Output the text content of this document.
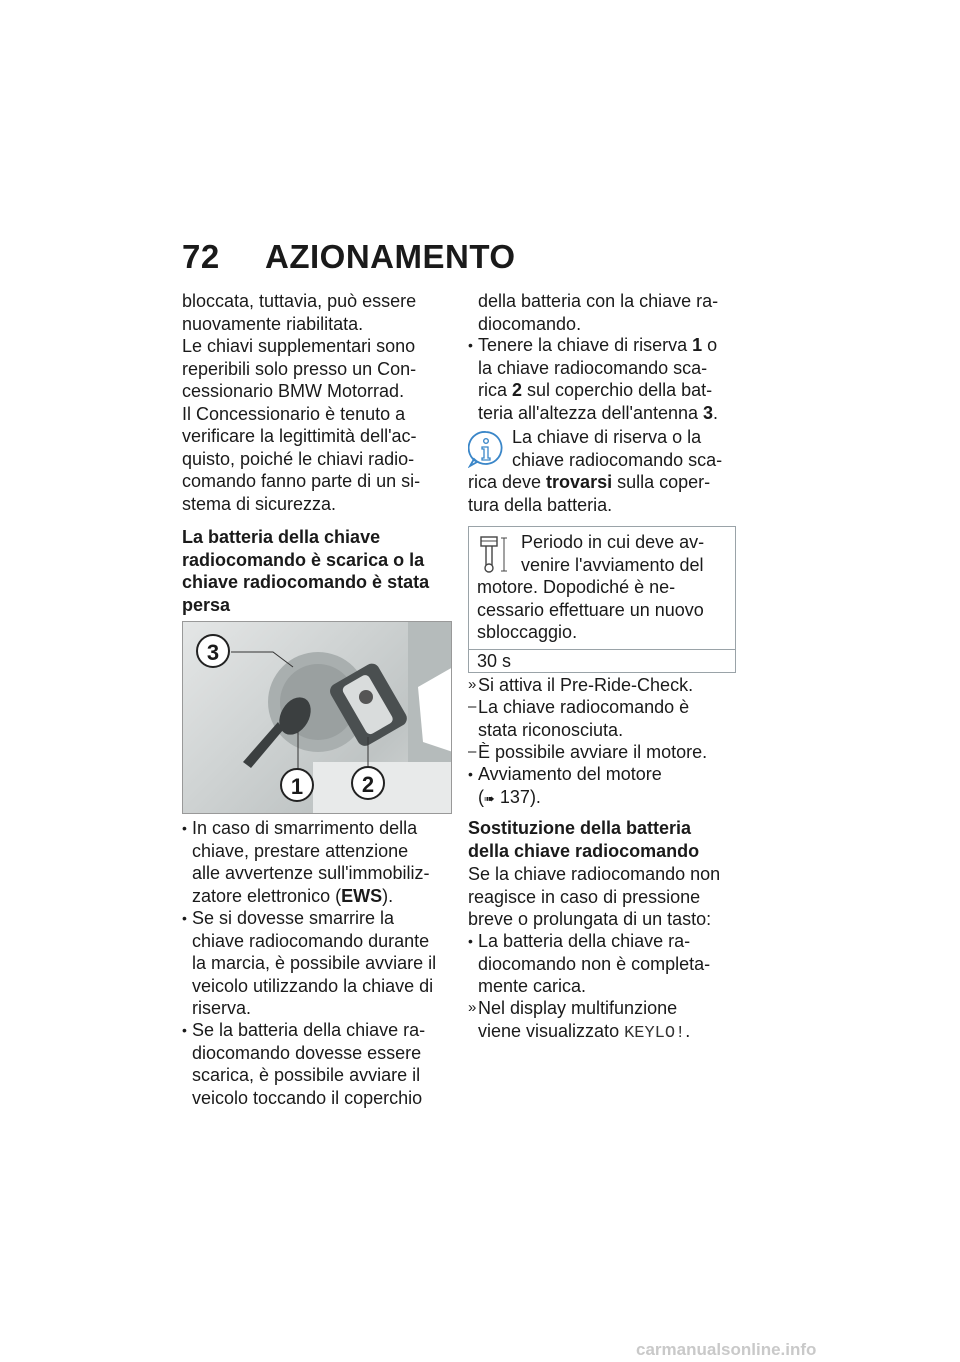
72 AZIONAMENTO
bloccata, tuttavia, può essere
nuovamente riabilitata.
Le chiavi supplementari sono
reperibili solo presso un Con-
cessionario BMW Motorrad.
Il Concessionario è tenuto a
verificare la legittimità dell'ac-
quisto, poiché le chiavi radio-
comando fanno parte di un si-
stema di sicurezza.
La batteria della chiave
radiocomando è scarica o la
chiave radiocomando è stata
persa
3
1	2
• In caso di smarrimento della
chiave, prestare attenzione
alle avvertenze sull'immobiliz-
zatore elettronico (EWS).
• Se si dovesse smarrire la
chiave radiocomando durante
la marcia, è possibile avviare il
veicolo utilizzando la chiave di
riserva.
• Se la batteria della chiave ra-
diocomando dovesse essere
scarica, è possibile avviare il
veicolo toccando il coperchio
della batteria con la chiave ra-
diocomando.
• Tenere la chiave di riserva 1 o
la chiave radiocomando sca-
rica 2 sul coperchio della bat-
teria all'altezza dell'antenna 3.
La chiave di riserva o la
chiave radiocomando sca-
rica deve trovarsi sulla coper-
tura della batteria.
Periodo in cui deve av-
venire l'avviamento del
motore. Dopodiché è ne-
cessario effettuare un nuovo
sbloccaggio.
30 s
» Si attiva il Pre-Ride-Check.
– La chiave radiocomando è
stata riconosciuta.
– È possibile avviare il motore.
• Avviamento del motore
(➠ 137).
Sostituzione della batteria
della chiave radiocomando
Se la chiave radiocomando non
reagisce in caso di pressione
breve o prolungata di un tasto:
• La batteria della chiave ra-
diocomando non è completa-
mente carica.
» Nel display multifunzione
viene visualizzato KEYLO!.
carmanualsonline.info
